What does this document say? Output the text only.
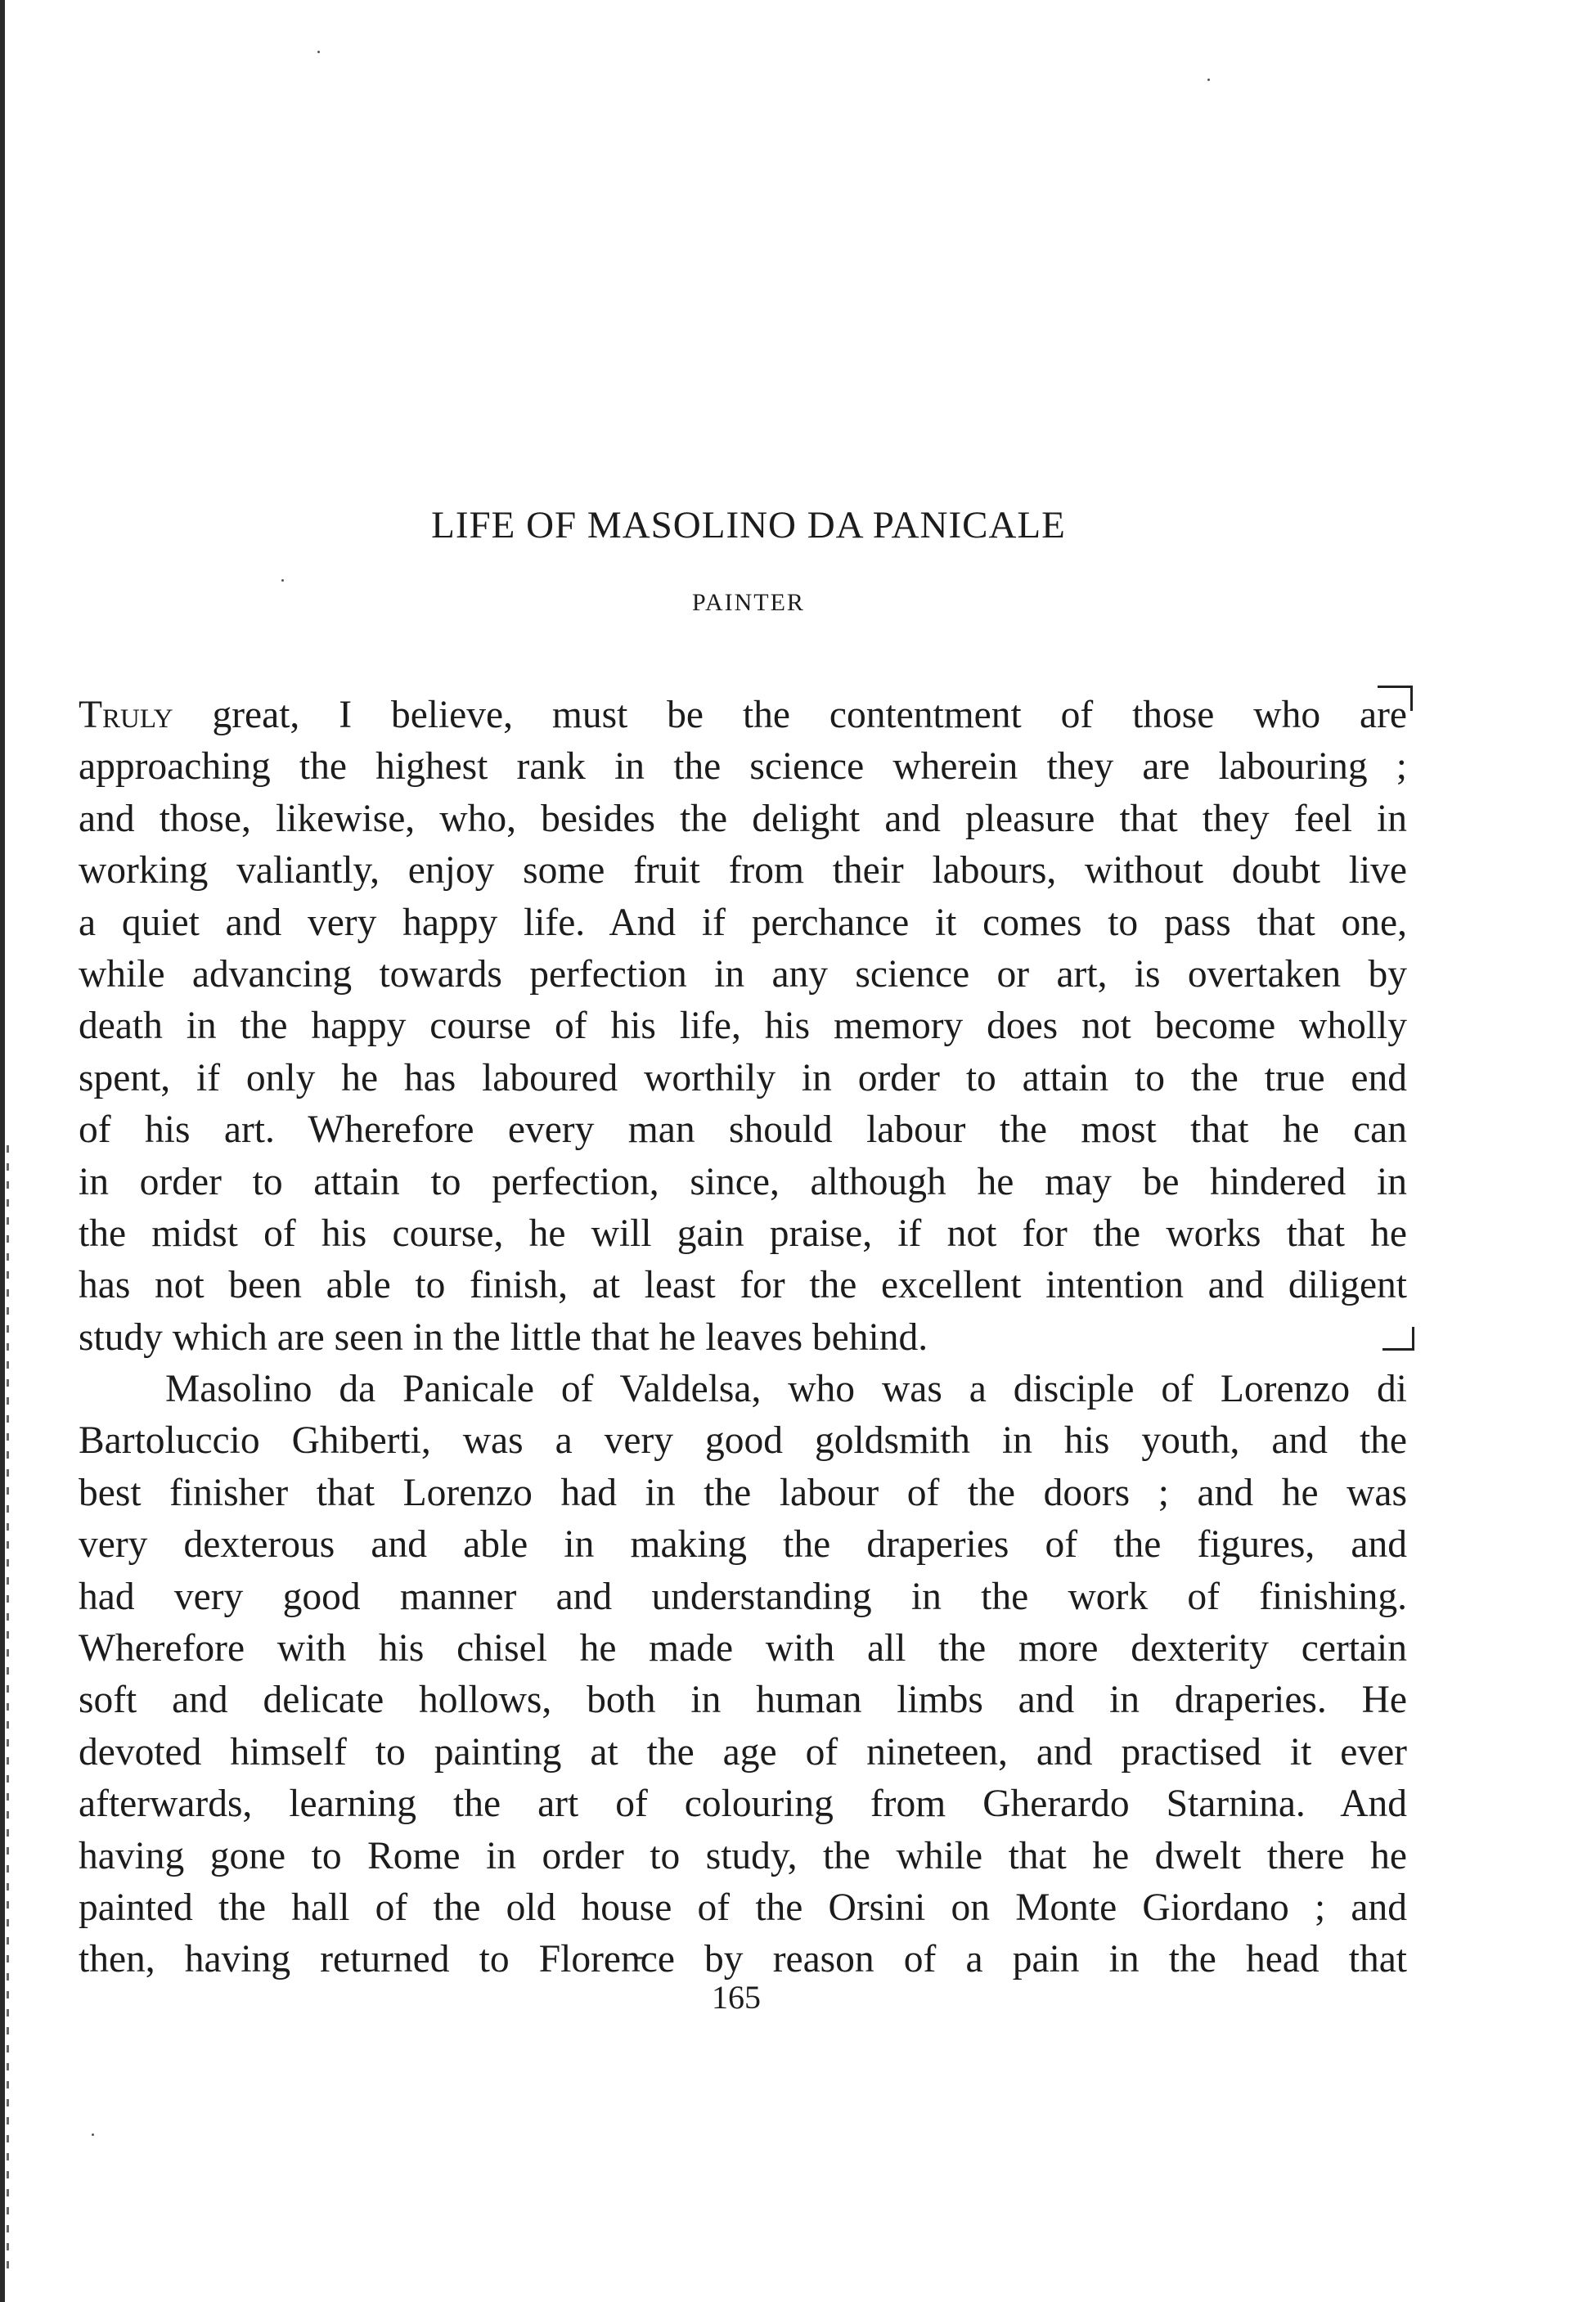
LIFE OF MASOLINO DA PANICALE
PAINTER
Truly great, I believe, must be the contentment of those who are
approaching the highest rank in the science wherein they are labouring ;
and those, likewise, who, besides the delight and pleasure that they feel in
working valiantly, enjoy some fruit from their labours, without doubt live
a quiet and very happy life. And if perchance it comes to pass that one,
while advancing towards perfection in any science or art, is overtaken by
death in the happy course of his life, his memory does not become wholly
spent, if only he has laboured worthily in order to attain to the true end
of his art. Wherefore every man should labour the most that he can
in order to attain to perfection, since, although he may be hindered in
the midst of his course, he will gain praise, if not for the works that he
has not been able to finish, at least for the excellent intention and diligent
study which are seen in the little that he leaves behind.
Masolino da Panicale of Valdelsa, who was a disciple of Lorenzo di
Bartoluccio Ghiberti, was a very good goldsmith in his youth, and the
best finisher that Lorenzo had in the labour of the doors ; and he was
very dexterous and able in making the draperies of the figures, and
had very good manner and understanding in the work of finishing.
Wherefore with his chisel he made with all the more dexterity certain
soft and delicate hollows, both in human limbs and in draperies. He
devoted himself to painting at the age of nineteen, and practised it ever
afterwards, learning the art of colouring from Gherardo Starnina. And
having gone to Rome in order to study, the while that he dwelt there he
painted the hall of the old house of the Orsini on Monte Giordano ; and
then, having returned to Florence by reason of a pain in the head that
165
